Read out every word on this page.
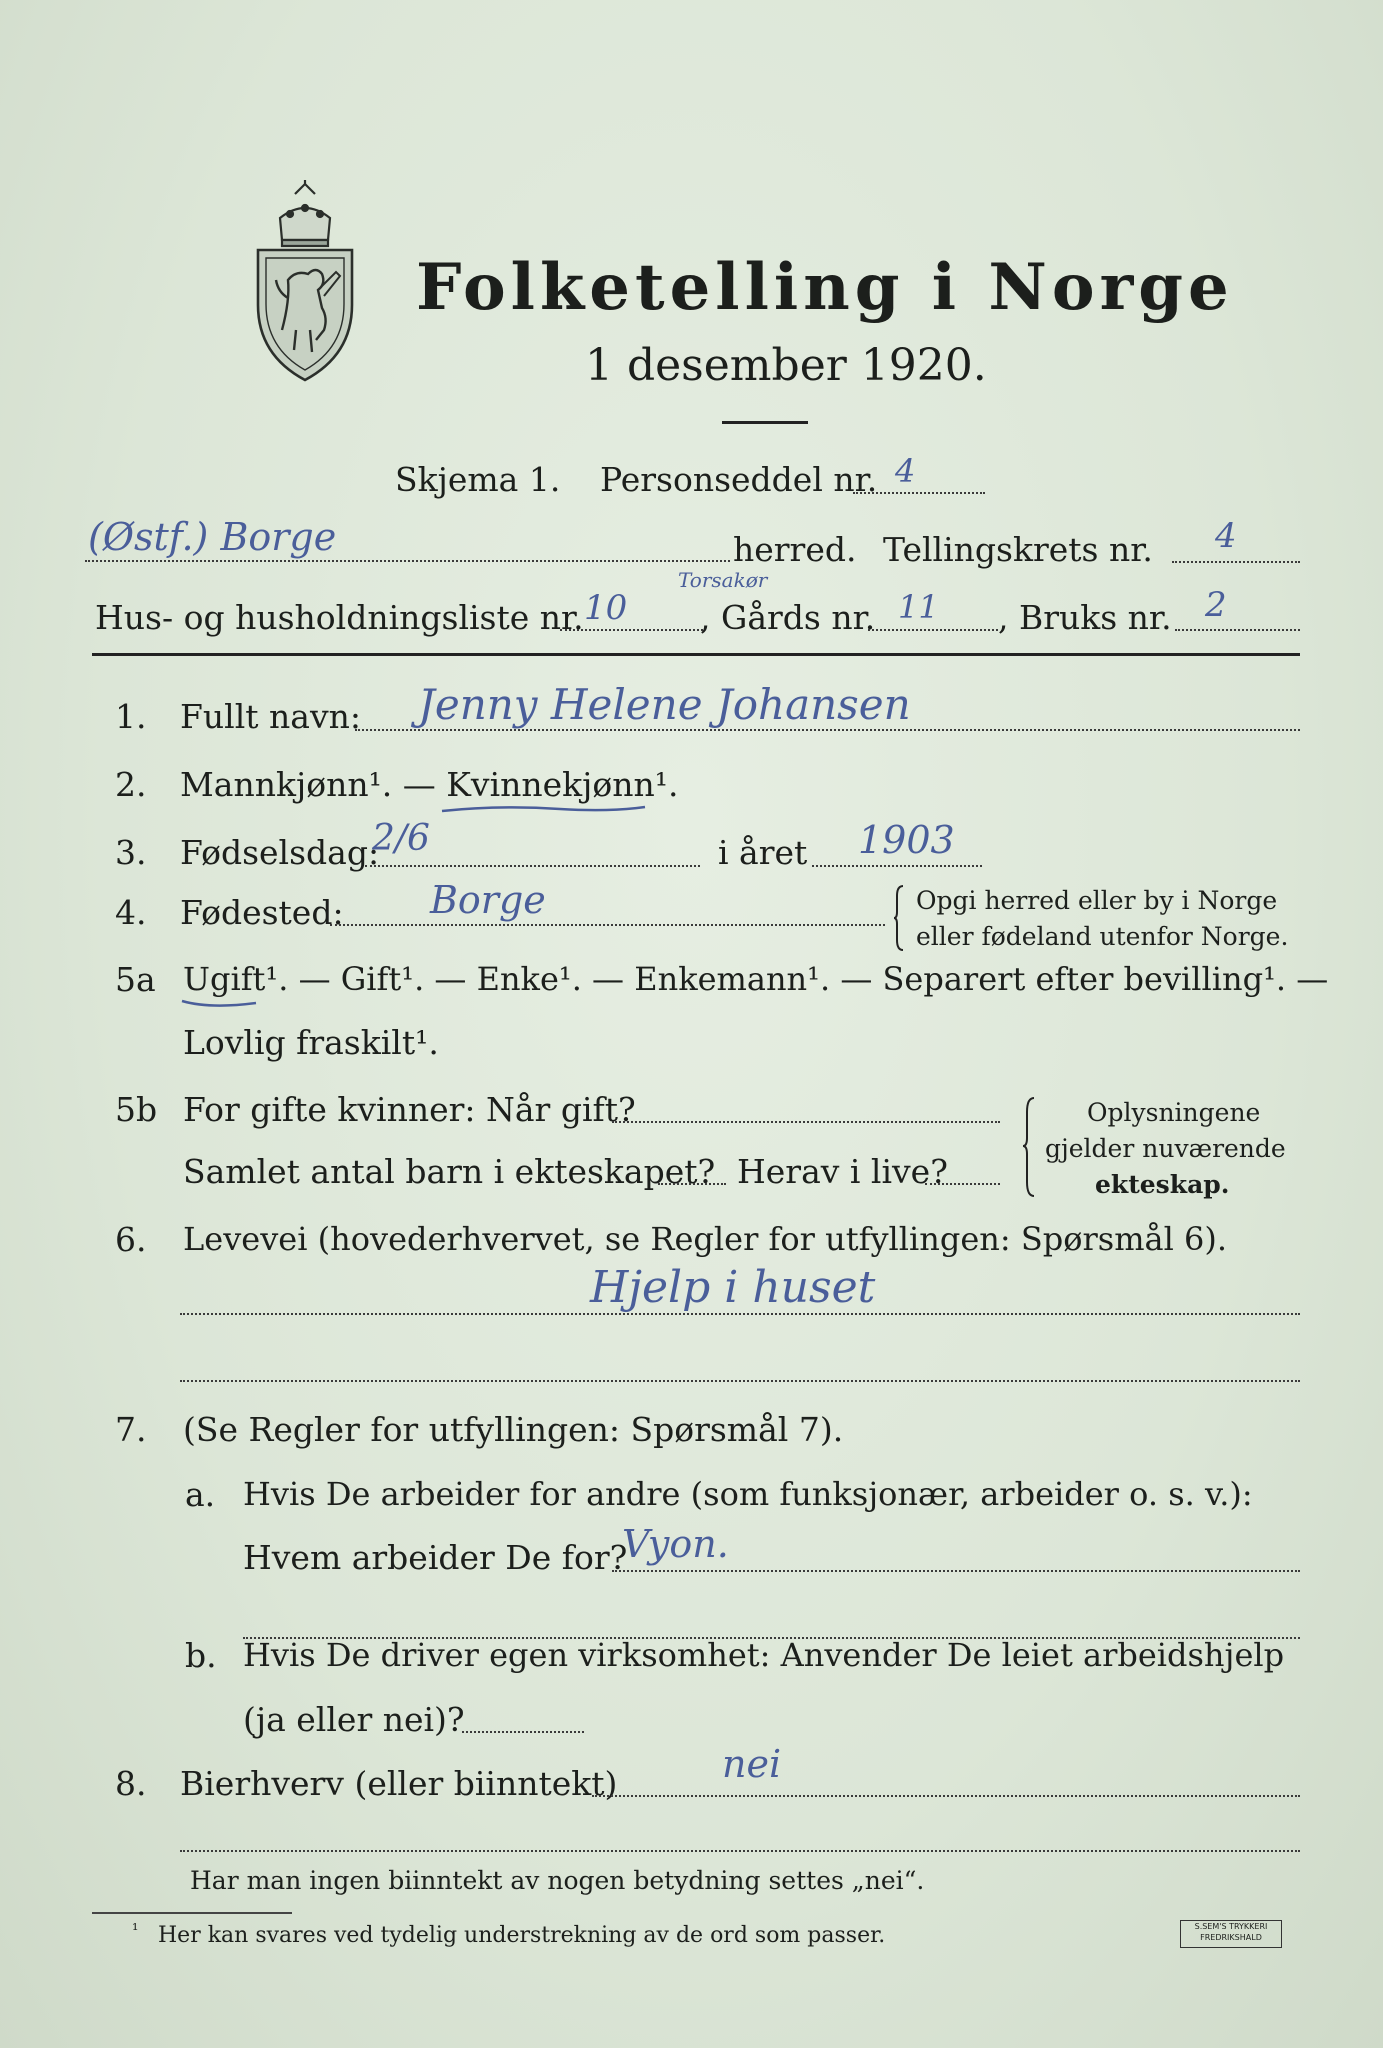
Folketelling i Norge
1 desember 1920.
Skjema 1. Personseddel nr. 4
(Østf.) Borge	herred. Tellingskrets nr. 4
Hus- og husholdningsliste nr. 10
Torsakør
, Gårds nr. 11 , Bruks nr. 2
1. Fullt navn: Jenny Helene Johansen
2. Mannkjønn¹. — Kvinnekjønn¹.
3. Fødselsdag:
2/6	i året 1903
4. Fødested: Borge	Opgi herred eller by i Norge
eller fødeland utenfor Norge.
5a Ugift¹. — Gift¹. — Enke¹. — Enkemann¹. — Separert efter bevilling¹. —
Lovlig fraskilt¹.
5b For gifte kvinner: Når gift?
Samlet antal barn i ekteskapet? Herav i live?
Oplysningene
gjelder nuværende
ekteskap.
6. Levevei (hovederhvervet, se Regler for utfyllingen: Spørsmål 6).
Hjelp i huset
7. (Se Regler for utfyllingen: Spørsmål 7).
a. Hvis De arbeider for andre (som funksjonær, arbeider o. s. v.):
Hvem arbeider De for?
Vyon.
b. Hvis De driver egen virksomhet: Anvender De leiet arbeidshjelp
(ja eller nei)?
8. Bierhverv (eller biinntekt)	nei
Har man ingen biinntekt av nogen betydning settes „nei“.
¹ Her kan svares ved tydelig understrekning av de ord som passer.	S.SEM'S TRYKKERI
FREDRIKSHALD
